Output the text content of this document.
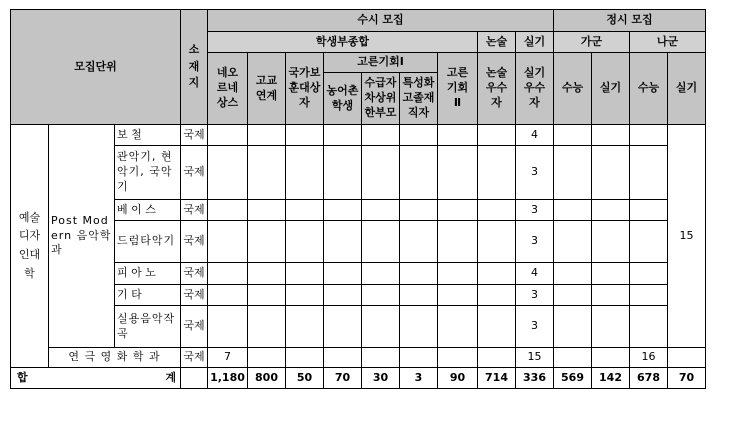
모집단위			소재지	수시 모집									정시 모집			
				학생부종합							논술	실기	가군		나군	
				네오르네상스	고교연계	국가보훈대상자	고른기회Ⅰ			고른기회Ⅱ	논술우수자	실기우수자	수능	실기	수능	실기
							농어촌학생	수급자차상위한부모	특성화고졸재직자							
예술디자인대학	Post Modern 음악학과	보 철	국제									4				15
		관악기, 현악기, 국악기	국제									3				
		베 이 스	국제									3				
		드럼타악기	국제									3				
		피 아 노	국제									4				
		기 타	국제									3				
		실용음악작곡	국제									3				
	연 극 영 화 학 과		국제	7								15			16	

합 계				1,180	800	50	70	30	3	90	714	336	569	142	678	70
